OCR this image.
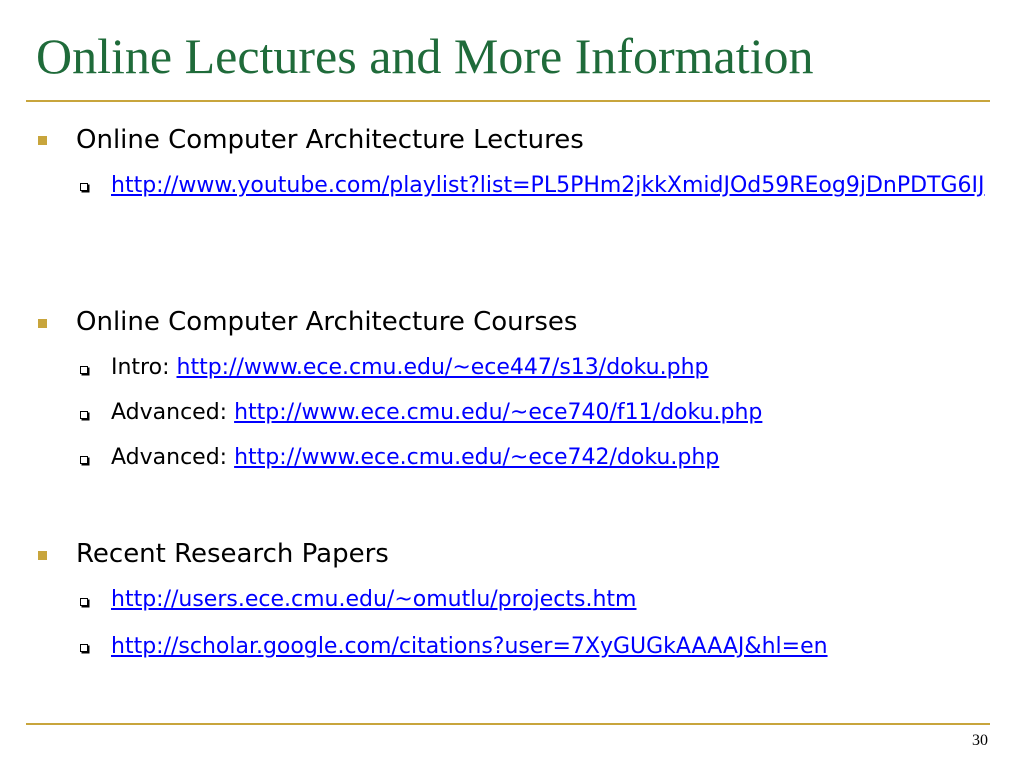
Online Lectures and More Information
Online Computer Architecture Lectures
http://www.youtube.com/playlist?list=PL5PHm2jkkXmidJOd59REog9jDnPDTG6IJ
Online Computer Architecture Courses
Intro: http://www.ece.cmu.edu/~ece447/s13/doku.php
Advanced: http://www.ece.cmu.edu/~ece740/f11/doku.php
Advanced: http://www.ece.cmu.edu/~ece742/doku.php
Recent Research Papers
http://users.ece.cmu.edu/~omutlu/projects.htm
http://scholar.google.com/citations?user=7XyGUGkAAAAJ&hl=en
30
